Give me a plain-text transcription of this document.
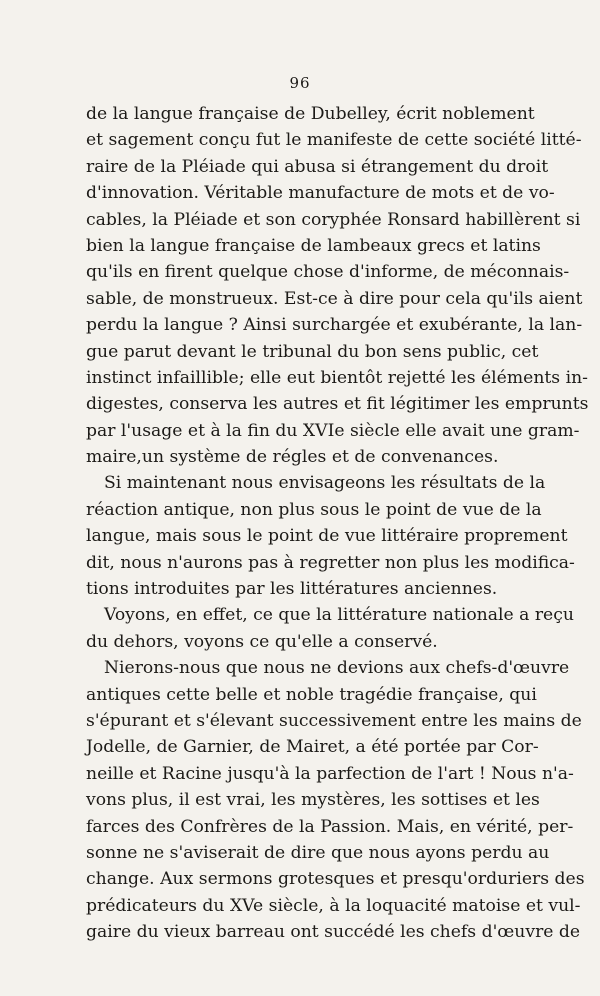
96
de la langue française de Dubelley, écrit noblement
et sagement conçu fut le manifeste de cette société litté-
raire de la Pléiade qui abusa si étrangement du droit
d'innovation. Véritable manufacture de mots et de vo-
cables, la Pléiade et son coryphée Ronsard habillèrent si
bien la langue française de lambeaux grecs et latins
qu'ils en firent quelque chose d'informe, de méconnais-
sable, de monstrueux. Est-ce à dire pour cela qu'ils aient
perdu la langue ? Ainsi surchargée et exubérante, la lan-
gue parut devant le tribunal du bon sens public, cet
instinct infaillible; elle eut bientôt rejetté les éléments in-
digestes, conserva les autres et fit légitimer les emprunts
par l'usage et à la fin du XVIe siècle elle avait une gram-
maire,un système de régles et de convenances.
Si maintenant nous envisageons les résultats de la
réaction antique, non plus sous le point de vue de la
langue, mais sous le point de vue littéraire proprement
dit, nous n'aurons pas à regretter non plus les modifica-
tions introduites par les littératures anciennes.
Voyons, en effet, ce que la littérature nationale a reçu
du dehors, voyons ce qu'elle a conservé.
Nierons-nous que nous ne devions aux chefs-d'œuvre
antiques cette belle et noble tragédie française, qui
s'épurant et s'élevant successivement entre les mains de
Jodelle, de Garnier, de Mairet, a été portée par Cor-
neille et Racine jusqu'à la parfection de l'art ! Nous n'a-
vons plus, il est vrai, les mystères, les sottises et les
farces des Confrères de la Passion. Mais, en vérité, per-
sonne ne s'aviserait de dire que nous ayons perdu au
change. Aux sermons grotesques et presqu'orduriers des
prédicateurs du XVe siècle, à la loquacité matoise et vul-
gaire du vieux barreau ont succédé les chefs d'œuvre de
